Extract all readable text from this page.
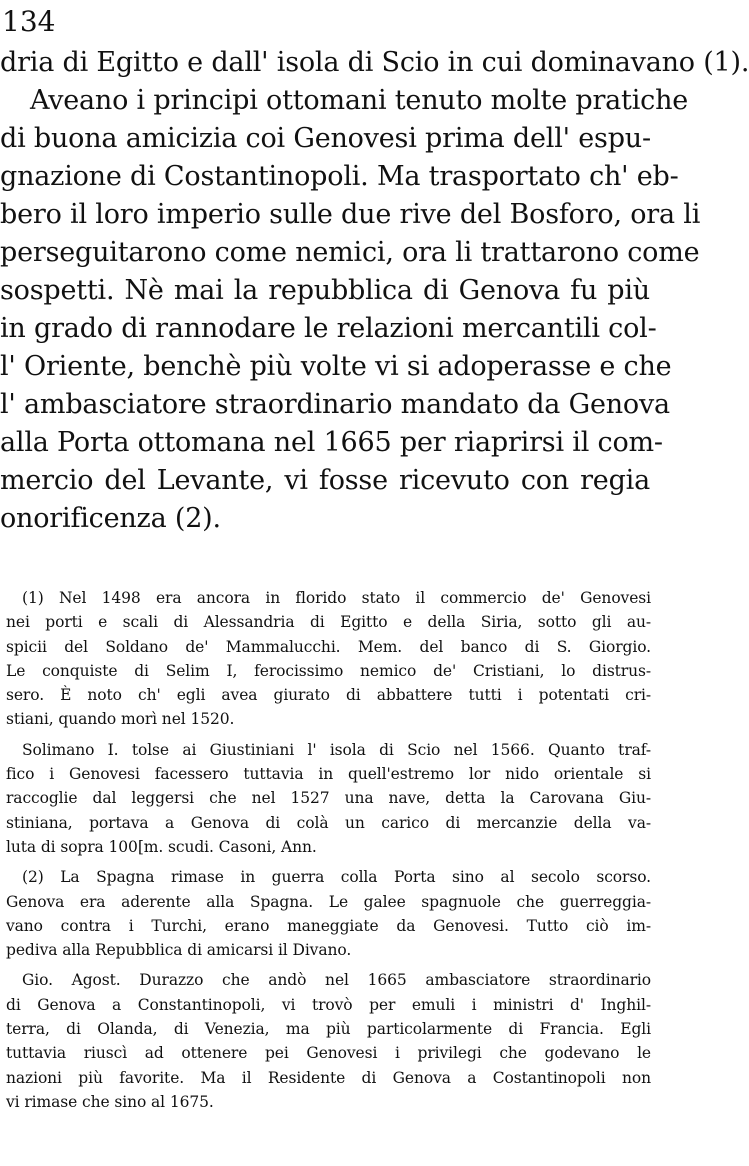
134
dria di Egitto e dall' isola di Scio in cui dominavano (1).
Aveano i principi ottomani tenuto molte pratiche
di buona amicizia coi Genovesi prima dell' espu-
gnazione di Costantinopoli. Ma trasportato ch' eb-
bero il loro imperio sulle due rive del Bosforo, ora li
perseguitarono come nemici, ora li trattarono come
sospetti. Nè mai la repubblica di Genova fu più
in grado di rannodare le relazioni mercantili col-
l' Oriente, benchè più volte vi si adoperasse e che
l' ambasciatore straordinario mandato da Genova
alla Porta ottomana nel 1665 per riaprirsi il com-
mercio del Levante, vi fosse ricevuto con regia
onorificenza (2).
(1) Nel 1498 era ancora in florido stato il commercio de' Genovesi
nei porti e scali di Alessandria di Egitto e della Siria, sotto gli au-
spicii del Soldano de' Mammalucchi. Mem. del banco di S. Giorgio.
Le conquiste di Selim I, ferocissimo nemico de' Cristiani, lo distrus-
sero. È noto ch' egli avea giurato di abbattere tutti i potentati cri-
stiani, quando morì nel 1520.
Solimano I. tolse ai Giustiniani l' isola di Scio nel 1566. Quanto traf-
fico i Genovesi facessero tuttavia in quell'estremo lor nido orientale si
raccoglie dal leggersi che nel 1527 una nave, detta la Carovana Giu-
stiniana, portava a Genova di colà un carico di mercanzie della va-
luta di sopra 100[m. scudi. Casoni, Ann.
(2) La Spagna rimase in guerra colla Porta sino al secolo scorso.
Genova era aderente alla Spagna. Le galee spagnuole che guerreggia-
vano contra i Turchi, erano maneggiate da Genovesi. Tutto ciò im-
pediva alla Repubblica di amicarsi il Divano.
Gio. Agost. Durazzo che andò nel 1665 ambasciatore straordinario
di Genova a Constantinopoli, vi trovò per emuli i ministri d' Inghil-
terra, di Olanda, di Venezia, ma più particolarmente di Francia. Egli
tuttavia riuscì ad ottenere pei Genovesi i privilegi che godevano le
nazioni più favorite. Ma il Residente di Genova a Costantinopoli non
vi rimase che sino al 1675.
